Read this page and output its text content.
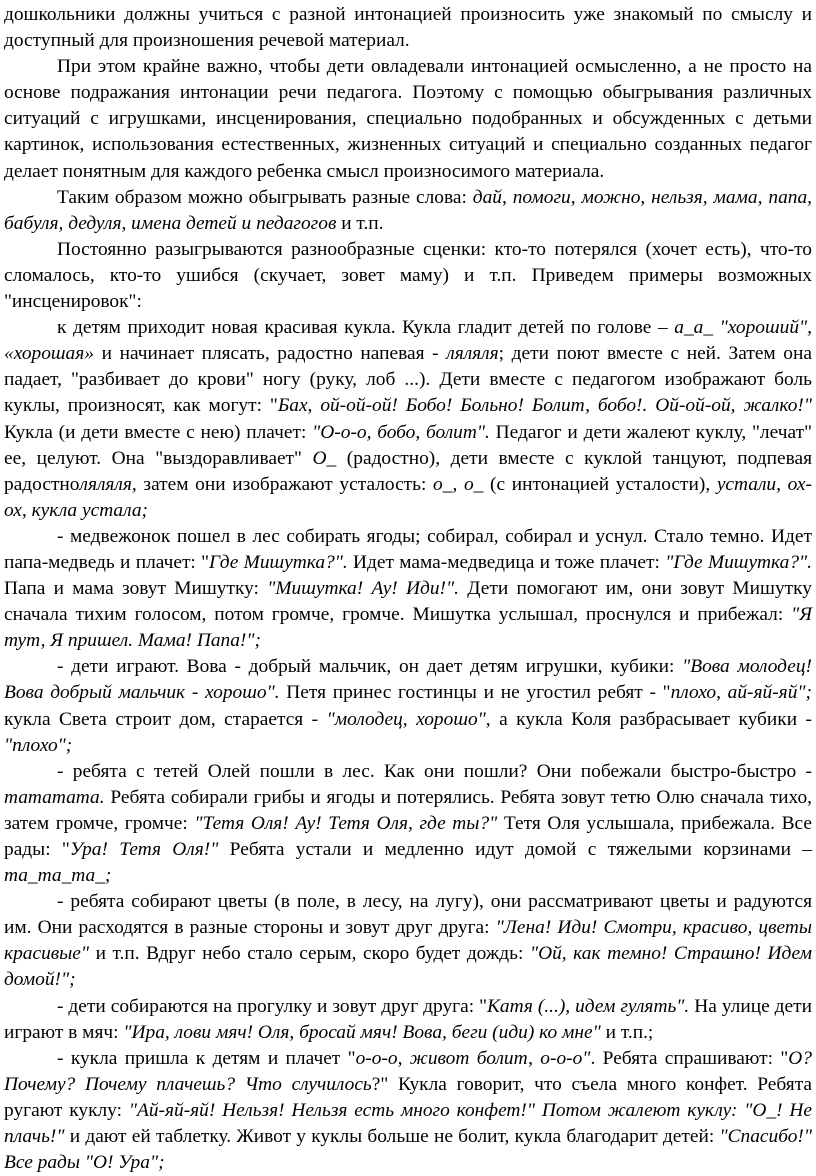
дошкольники должны учиться с разной интонацией произносить уже знакомый по смыслу и доступный для произношения речевой материал.

При этом крайне важно, чтобы дети овладевали интонацией осмысленно, а не просто на основе подражания интонации речи педагога. Поэтому с помощью обыгрывания различных ситуаций с игрушками, инсценирования, специально подобранных и обсужденных с детьми картинок, использования естественных, жизненных ситуаций и специально созданных педагог делает понятным для каждого ребенка смысл произносимого материала.

Таким образом можно обыгрывать разные слова: дай, помоги, можно, нельзя, мама, папа, бабуля, дедуля, имена детей и педагогов и т.п.

Постоянно разыгрываются разнообразные сценки: кто-то потерялся (хочет есть), что-то сломалось, кто-то ушибся (скучает, зовет маму) и т.п. Приведем примеры возможных "инсценировок":

к детям приходит новая красивая кукла. Кукла гладит детей по голове – а_а_ "хороший", «хорошая» и начинает плясать, радостно напевая - ляляля; дети поют вместе с ней. Затем она падает, "разбивает до крови" ногу (руку, лоб ...). Дети вместе с педагогом изображают боль куклы, произносят, как могут: "Бах, ой-ой-ой! Бобо! Больно! Болит, бобо!. Ой-ой-ой, жалко!" Кукла (и дети вместе с нею) плачет: "О-о-о, бобо, болит". Педагог и дети жалеют куклу, "лечат" ее, целуют. Она "выздоравливает" О_ (радостно), дети вместе с куклой танцуют, подпевая радостноляляля, затем они изображают усталость: о_, о_ (с интонацией усталости), устали, ох-ох, кукла устала;

- медвежонок пошел в лес собирать ягоды; собирал, собирал и уснул. Стало темно. Идет папа-медведь и плачет: "Где Мишутка?". Идет мама-медведица и тоже плачет: "Где Мишутка?". Папа и мама зовут Мишутку: "Мишутка! Ау! Иди!". Дети помогают им, они зовут Мишутку сначала тихим голосом, потом громче, громче. Мишутка услышал, проснулся и прибежал: "Я тут, Я пришел. Мама! Папа!";

- дети играют. Вова - добрый мальчик, он дает детям игрушки, кубики: "Вова молодец! Вова добрый мальчик - хорошо". Петя принес гостинцы и не угостил ребят - "плохо, ай-яй-яй"; кукла Света строит дом, старается - "молодец, хорошо", а кукла Коля разбрасывает кубики -"плохо";

- ребята с тетей Олей пошли в лес. Как они пошли? Они побежали быстро-быстро - тататата. Ребята собирали грибы и ягоды и потерялись. Ребята зовут тетю Олю сначала тихо, затем громче, громче: "Тетя Оля! Ау! Тетя Оля, где ты?" Тетя Оля услышала, прибежала. Все рады: "Ура! Тетя Оля!" Ребята устали и медленно идут домой с тяжелыми корзинами –та_та_та_;

- ребята собирают цветы (в поле, в лесу, на лугу), они рассматривают цветы и радуются им. Они расходятся в разные стороны и зовут друг друга: "Лена! Иди! Смотри, красиво, цветы красивые" и т.п. Вдруг небо стало серым, скоро будет дождь: "Ой, как темно! Страшно! Идем домой!";

- дети собираются на прогулку и зовут друг друга: "Катя (...), идем гулять". На улице дети играют в мяч: "Ира, лови мяч! Оля, бросай мяч! Вова, беги (иди) ко мне" и т.п.;

- кукла пришла к детям и плачет "о-о-о, живот болит, о-о-о". Ребята спрашивают: "О? Почему? Почему плачешь? Что случилось?" Кукла говорит, что съела много конфет. Ребята ругают куклу: "Ай-яй-яй! Нельзя! Нельзя есть много конфет!" Потом жалеют куклу: "О_! Не плачь!" и дают ей таблетку. Живот у куклы больше не болит, кукла благодарит детей: "Спасибо!" Все рады "О! Ура";
